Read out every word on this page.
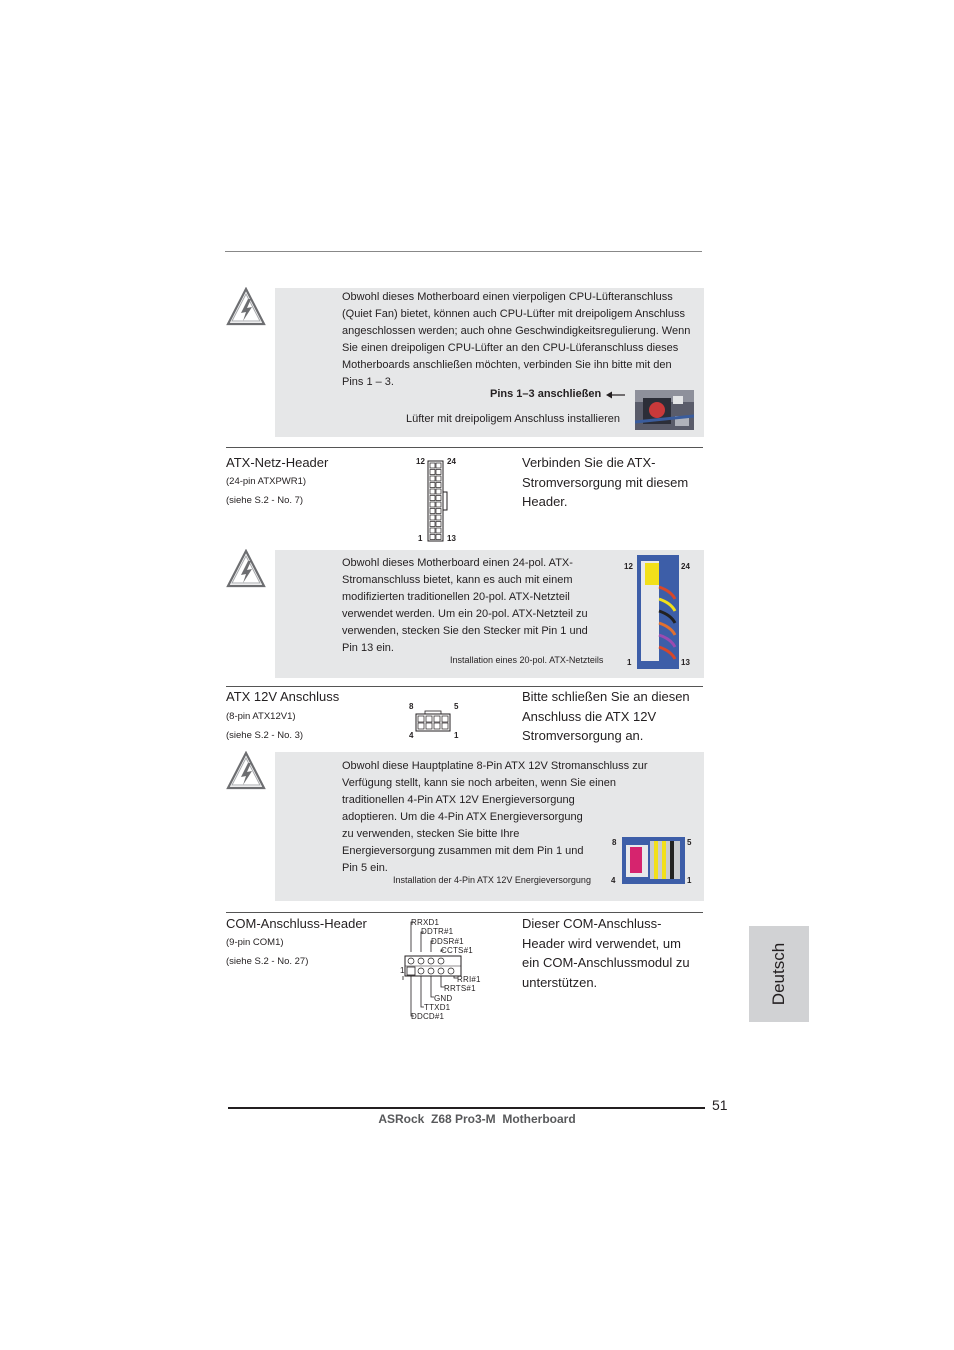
Obwohl dieses Motherboard einen vierpoligen CPU-Lüfteranschluss
(Quiet Fan) bietet, können auch CPU-Lüfter mit dreipoligem Anschluss
angeschlossen werden; auch ohne Geschwindigkeitsregulierung. Wenn
Sie einen dreipoligen CPU-Lüfter an den CPU-Lüferanschluss dieses
Motherboards anschließen möchten, verbinden Sie ihn bitte mit den
Pins 1 – 3.
Pins 1–3 anschließen
Lüfter mit dreipoligem Anschluss installieren
ATX-Netz-Header
(24-pin ATXPWR1)
(siehe S.2 - No. 7)
12	24
1	13
Verbinden Sie die ATX-
Stromversorgung mit diesem
Header.
Obwohl dieses Motherboard einen 24-pol. ATX-
Stromanschluss bietet, kann es auch mit einem
modifizierten traditionellen 20-pol. ATX-Netzteil
verwendet werden. Um ein 20-pol. ATX-Netzteil zu
verwenden, stecken Sie den Stecker mit Pin 1 und
Pin 13 ein.
Installation eines 20-pol. ATX-Netzteils
12	24
1	13
ATX 12V Anschluss
(8-pin ATX12V1)
(siehe S.2 - No. 3)
8	5
4	1
Bitte schließen Sie an diesen
Anschluss die ATX 12V
Stromversorgung an.
Obwohl diese Hauptplatine 8-Pin ATX 12V Stromanschluss zur
Verfügung stellt, kann sie noch arbeiten, wenn Sie einen
traditionellen 4-Pin ATX 12V Energieversorgung
adoptieren. Um die 4-Pin ATX Energieversorgung
zu verwenden, stecken Sie bitte Ihre
Energieversorgung zusammen mit dem Pin 1 und
Pin 5 ein.
Installation der 4-Pin ATX 12V Energieversorgung
8	5
4	1
COM-Anschluss-Header
(9-pin COM1)
(siehe S.2 - No. 27)
1
RRXD1
DDTR#1
DDSR#1
CCTS#1
RRI#1
RRTS#1
GND
TTXD1
DDCD#1
Dieser COM-Anschluss-
Header wird verwendet, um
ein COM-Anschlussmodul zu
unterstützen.	Deutsch
51
ASRock  Z68 Pro3-M  Motherboard
